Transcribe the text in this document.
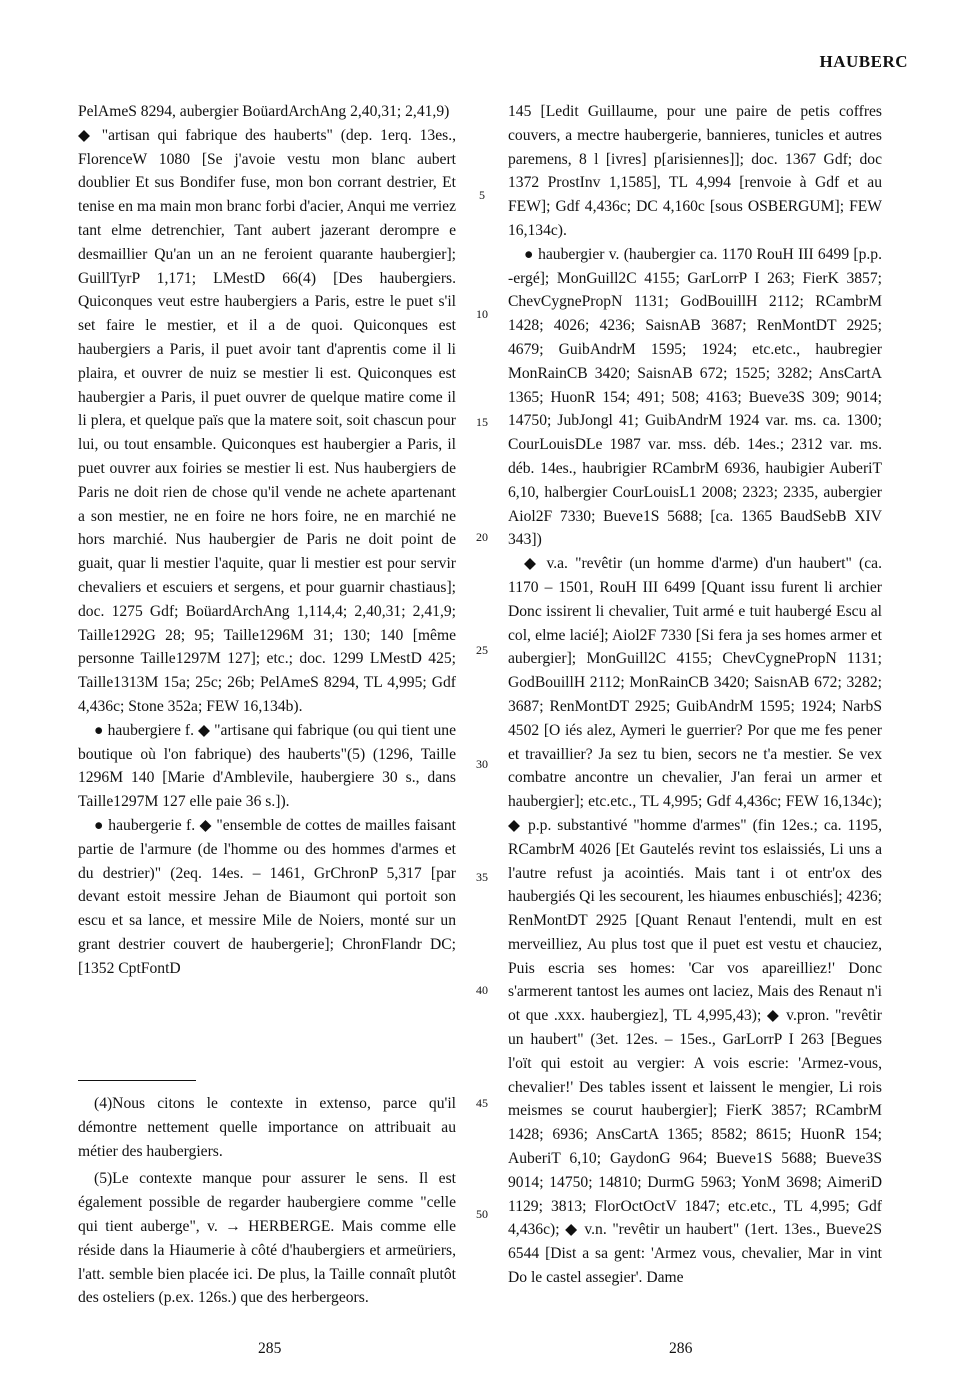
HAUBERC

PelAmeS 8294, aubergier BoüardArchAng 2,40,31; 2,41,9)

◆ "artisan qui fabrique des hauberts" (dep. 1erq. 13es., FlorenceW 1080 [Se j'avoie vestu mon blanc aubert doublier Et sus Bondifer fuse, mon bon corrant destrier, Et tenise en ma main mon branc forbi d'acier, Anqui me verriez tant elme detrenchier, Tant aubert jazerant derompre e desmaillier Qu'an un an ne feroient quarante haubergier]; GuillTyrP 1,171; LMestD 66(4) [Des haubergiers. Quiconques veut estre haubergiers a Paris, estre le puet s'il set faire le mestier, et il a de quoi. Quiconques est haubergiers a Paris, il puet avoir tant d'aprentis come il li plaira, et ouvrer de nuiz se mestier li est. Quiconques est haubergier a Paris, il puet ouvrer de quelque matire come il li plera, et quelque païs que la matere soit, soit chascun pour lui, ou tout ensamble. Quiconques est haubergier a Paris, il puet ouvrer aux foiries se mestier li est. Nus haubergiers de Paris ne doit rien de chose qu'il vende ne achete apartenant a son mestier, ne en foire ne hors foire, ne en marchié ne hors marchié. Nus haubergier de Paris ne doit point de guait, quar li mestier l'aquite, quar li mestier est pour servir chevaliers et escuiers et sergens, et pour guarnir chastiaus]; doc. 1275 Gdf; BoüardArchAng 1,114,4; 2,40,31; 2,41,9; Taille1292G 28; 95; Taille1296M 31; 130; 140 [même personne Taille1297M 127]; etc.; doc. 1299 LMestD 425; Taille1313M 15a; 25c; 26b; PelAmeS 8294, TL 4,995; Gdf 4,436c; Stone 352a; FEW 16,134b).

● haubergiere f. ◆ "artisane qui fabrique (ou qui tient une boutique où l'on fabrique) des hauberts"(5) (1296, Taille 1296M 140 [Marie d'Amblevile, haubergiere 30 s., dans Taille1297M 127 elle paie 36 s.]).

● haubergerie f. ◆ "ensemble de cottes de mailles faisant partie de l'armure (de l'homme ou des hommes d'armes et du destrier)" (2eq. 14es. – 1461, GrChronP 5,317 [par devant estoit messire Jehan de Biaumont qui portoit son escu et sa lance, et messire Mile de Noiers, monté sur un grant destrier couvert de haubergerie]; ChronFlandr DC; [1352 CptFontD

(4)Nous citons le contexte in extenso, parce qu'il démontre nettement quelle importance on attribuait au métier des haubergiers.

(5)Le contexte manque pour assurer le sens. Il est également possible de regarder haubergiere comme "celle qui tient auberge", v. → HERBERGE. Mais comme elle réside dans la Hiaumerie à côté d'haubergiers et armeüriers, l'att. semble bien placée ici. De plus, la Taille connaît plutôt des osteliers (p.ex. 126s.) que des herbergeors.

145 [Ledit Guillaume, pour une paire de petis coffres couvers, a mectre haubergerie, bannieres, tunicles et autres paremens, 8 l [ivres] p[arisiennes]]; doc. 1367 Gdf; doc 1372 ProstInv 1,1585], TL 4,994 [renvoie à Gdf et au FEW]; Gdf 4,436c; DC 4,160c [sous OSBERGUM]; FEW 16,134c).

● haubergier v. (haubergier ca. 1170 RouH III 6499 [p.p. -ergé]; MonGuill2C 4155; GarLorrP I 263; FierK 3857; ChevCygnePropN 1131; GodBouillH 2112; RCambrM 1428; 4026; 4236; SaisnAB 3687; RenMontDT 2925; 4679; GuibAndrM 1595; 1924; etc.etc., haubregier MonRainCB 3420; SaisnAB 672; 1525; 3282; AnsCartA 1365; HuonR 154; 491; 508; 4163; Bueve3S 309; 9014; 14750; JubJongl 41; GuibAndrM 1924 var. ms. ca. 1300; CourLouisDLe 1987 var. mss. déb. 14es.; 2312 var. ms. déb. 14es., haubrigier RCambrM 6936, haubigier AuberiT 6,10, halbergier CourLouisL1 2008; 2323; 2335, aubergier Aiol2F 7330; Bueve1S 5688; [ca. 1365 BaudSebB XIV 343])

◆ v.a. "revêtir (un homme d'arme) d'un haubert" (ca. 1170 – 1501, RouH III 6499 [Quant issu furent li archier Donc issirent li chevalier, Tuit armé e tuit haubergé Escu al col, elme lacié]; Aiol2F 7330 [Si fera ja ses homes armer et aubergier]; MonGuill2C 4155; ChevCygnePropN 1131; GodBouillH 2112; MonRainCB 3420; SaisnAB 672; 3282; 3687; RenMontDT 2925; GuibAndrM 1595; 1924; NarbS 4502 [O iés alez, Aymeri le guerrier? Por que me fes pener et travaillier? Ja sez tu bien, secors ne t'a mestier. Se vex combatre ancontre un chevalier, J'an ferai un armer et haubergier]; etc.etc., TL 4,995; Gdf 4,436c; FEW 16,134c); ◆ p.p. substantivé "homme d'armes" (fin 12es.; ca. 1195, RCambrM 4026 [Et Gautelés revint tos eslaissiés, Li uns a l'autre refust ja acointiés. Mais tant i ot entr'ox des haubergiés Qi les secourent, les hiaumes enbuschiés]; 4236; RenMontDT 2925 [Quant Renaut l'entendi, mult en est merveilliez, Au plus tost que il puet est vestu et chauciez, Puis escria ses homes: 'Car vos apareilliez!' Donc s'armerent tantost les aumes ont laciez, Mais des Renaut n'i ot que .xxx. haubergiez], TL 4,995,43); ◆ v.pron. "revêtir un haubert" (3et. 12es. – 15es., GarLorrP I 263 [Begues l'oït qui estoit au vergier: A vois escrie: 'Armez-vous, chevalier!' Des tables issent et laissent le mengier, Li rois meismes se courut haubergier]; FierK 3857; RCambrM 1428; 6936; AnsCartA 1365; 8582; 8615; HuonR 154; AuberiT 6,10; GaydonG 964; Bueve1S 5688; Bueve3S 9014; 14750; 14810; DurmG 5963; YonM 3698; AimeriD 1129; 3813; FlorOctOctV 1847; etc.etc., TL 4,995; Gdf 4,436c); ◆ v.n. "revêtir un haubert" (1ert. 13es., Bueve2S 6544 [Dist a sa gent: 'Armez vous, chevalier, Mar in vint Do le castel assegier'. Dame

5
10
15
20
25
30
35
40
45
50
285	286
